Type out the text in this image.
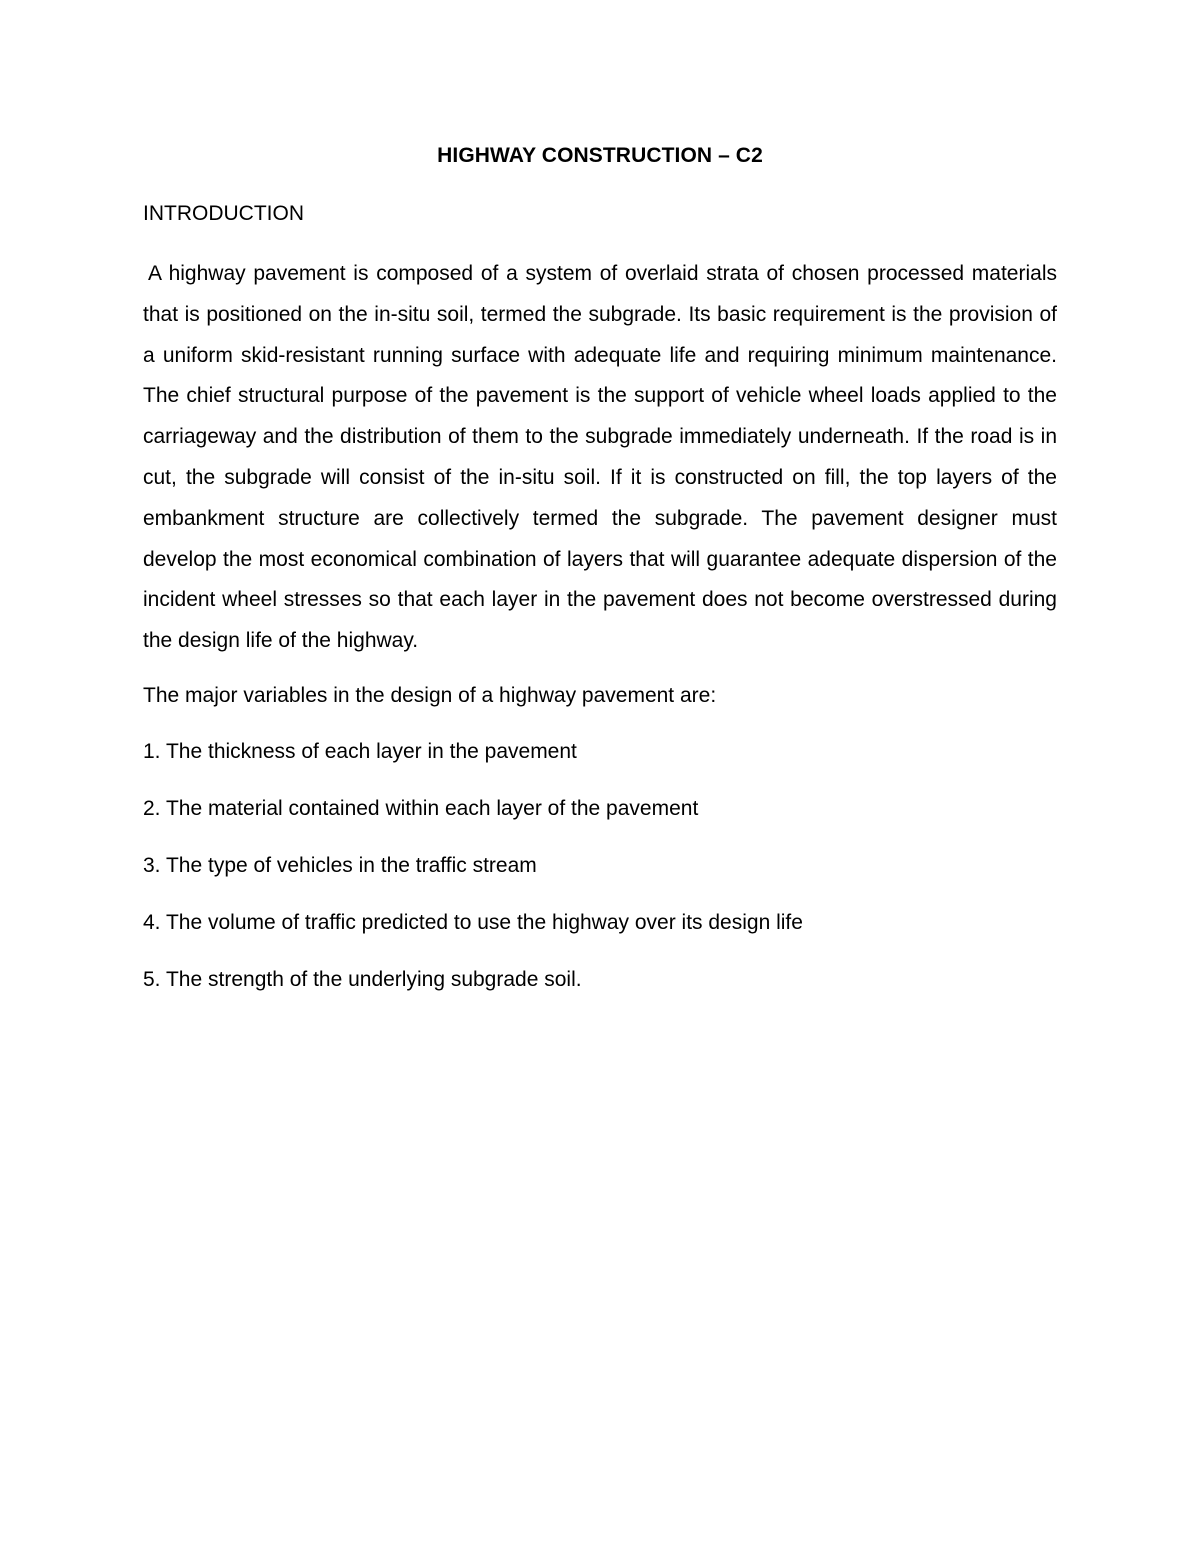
HIGHWAY CONSTRUCTION – C2
INTRODUCTION

A highway pavement is composed of a system of overlaid strata of chosen processed materials that is positioned on the in-situ soil, termed the subgrade. Its basic requirement is the provision of a uniform skid-resistant running surface with adequate life and requiring minimum maintenance. The chief structural purpose of the pavement is the support of vehicle wheel loads applied to the carriageway and the distribution of them to the subgrade immediately underneath. If the road is in cut, the subgrade will consist of the in-situ soil. If it is constructed on fill, the top layers of the embankment structure are collectively termed the subgrade. The pavement designer must develop the most economical combination of layers that will guarantee adequate dispersion of the incident wheel stresses so that each layer in the pavement does not become overstressed during the design life of the highway.

The major variables in the design of a highway pavement are:

1. The thickness of each layer in the pavement
2. The material contained within each layer of the pavement
3. The type of vehicles in the traffic stream
4. The volume of traffic predicted to use the highway over its design life
5. The strength of the underlying subgrade soil.
